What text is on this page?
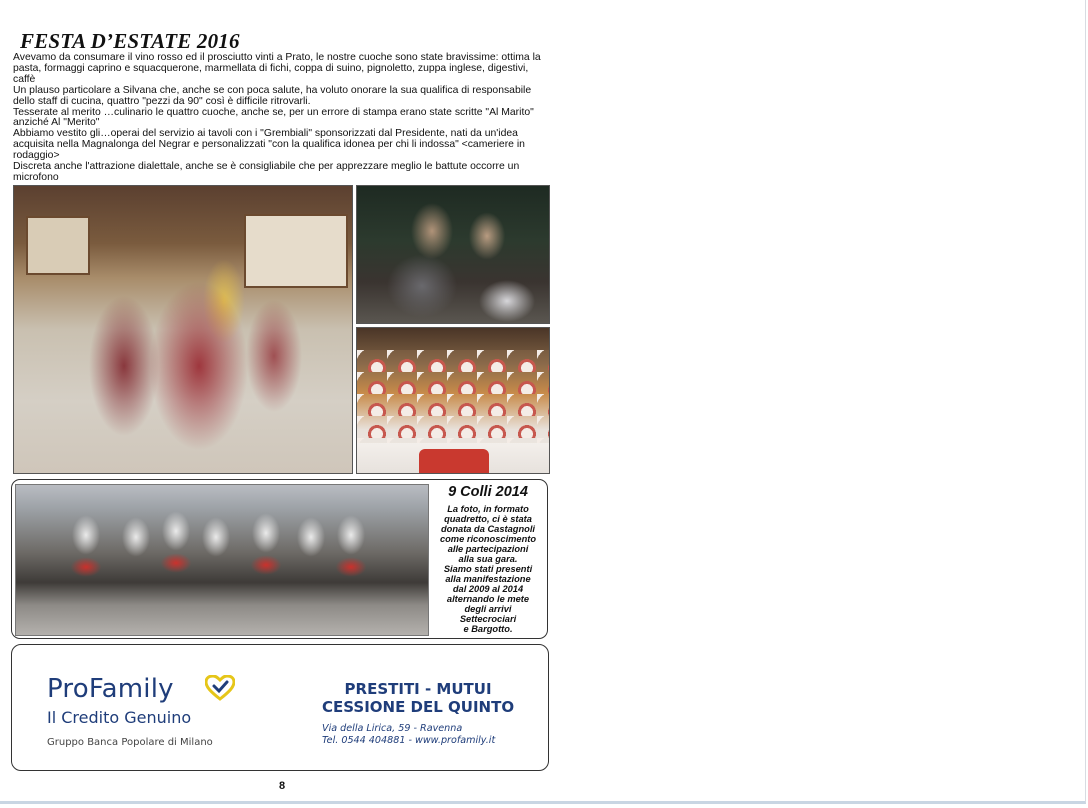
FESTA D’ESTATE 2016

Avevamo da consumare il vino rosso ed il prosciutto vinti a Prato, le nostre cuoche sono state bravissime: ottima la pasta, formaggi caprino e squacquerone, marmellata di fichi, coppa di suino, pignoletto, zuppa inglese, digestivi, caffè

Un plauso particolare a Silvana che, anche se con poca salute, ha voluto onorare la sua qualifica di responsabile dello staff di cucina, quattro "pezzi da 90" così è difficile ritrovarli.

Tesserate al merito …culinario le quattro cuoche, anche se, per un errore di stampa erano state scritte "Al Marito" anziché Al "Merito"

Abbiamo vestito gli…operai del servizio ai tavoli con i "Grembiali" sponsorizzati dal Presidente, nati da un'idea acquisita nella Magnalonga del Negrar e personalizzati "con la qualifica idonea per chi li indossa" <cameriere in rodaggio>

Discreta anche l'attrazione dialettale, anche se è consigliabile che per apprezzare meglio le battute occorre un microfono

9 Colli 2014

La foto, in formato
quadretto, ci è stata
donata da Castagnoli
come riconoscimento
alle partecipazioni
alla sua gara.
Siamo stati presenti
alla manifestazione
dal 2009 al 2014
alternando le mete
degli arrivi
Settecrociari
e Bargotto.

ProFamily
Il Credito Genuino
Gruppo Banca Popolare di Milano
PRESTITI - MUTUI
CESSIONE DEL QUINTO
Via della Lirica, 59 - Ravenna
Tel. 0544 404881 - www.profamily.it
8
